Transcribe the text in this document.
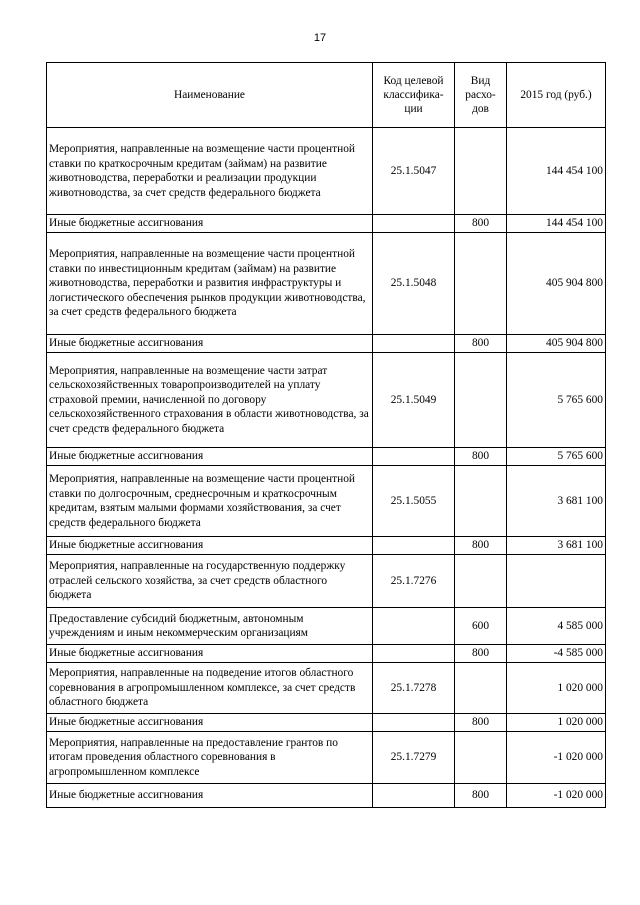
17
Наименование	Код целевой классифика-ции	Вид расхо-дов	2015 год (руб.)
Мероприятия, направленные на возмещение части процентной ставки по краткосрочным кредитам (займам) на развитие животноводства, переработки и реализации продукции животноводства, за счет средств федерального бюджета	25.1.5047		144 454 100
Иные бюджетные ассигнования		800	144 454 100
Мероприятия, направленные на возмещение части процентной ставки по инвестиционным кредитам (займам) на развитие животноводства, переработки и развития инфраструктуры и логистического обеспечения рынков продукции животноводства, за счет средств федерального бюджета	25.1.5048		405 904 800
Иные бюджетные ассигнования		800	405 904 800
Мероприятия, направленные на возмещение части затрат сельскохозяйственных товаропроизводителей на уплату страховой премии, начисленной по договору сельскохозяйственного страхования в области животноводства, за счет средств федерального бюджета	25.1.5049		5 765 600
Иные бюджетные ассигнования		800	5 765 600
Мероприятия, направленные на возмещение части процентной ставки по долгосрочным, среднесрочным и краткосрочным кредитам, взятым малыми формами хозяйствования, за счет средств федерального бюджета	25.1.5055		3 681 100
Иные бюджетные ассигнования		800	3 681 100
Мероприятия, направленные на государственную поддержку отраслей сельского хозяйства, за счет средств областного бюджета	25.1.7276		
Предоставление субсидий бюджетным, автономным учреждениям и иным некоммерческим организациям		600	4 585 000
Иные бюджетные ассигнования		800	-4 585 000
Мероприятия, направленные на подведение итогов областного соревнования в агропромышленном комплексе, за счет средств областного бюджета	25.1.7278		1 020 000
Иные бюджетные ассигнования		800	1 020 000
Мероприятия, направленные на предоставление грантов по итогам проведения областного соревнования в агропромышленном комплексе	25.1.7279		-1 020 000
Иные бюджетные ассигнования		800	-1 020 000
